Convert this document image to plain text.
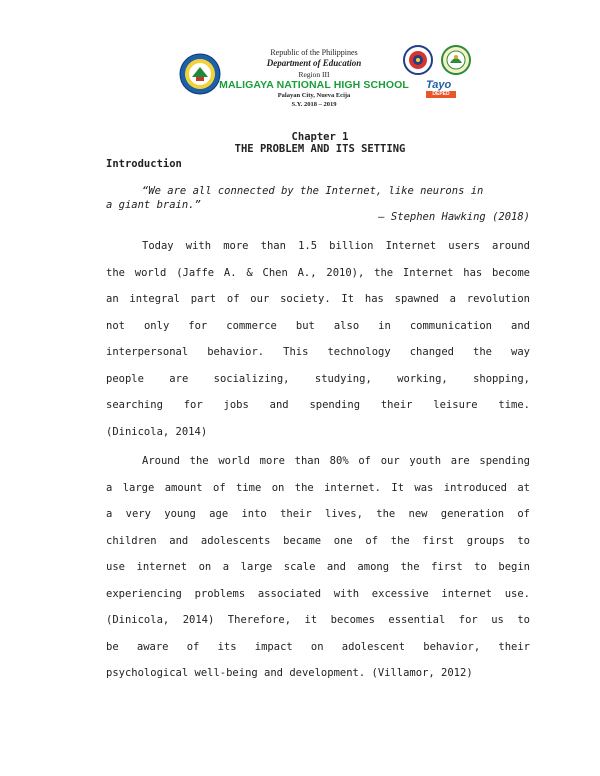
Tayo
DEPED
Republic of the Philippines
Department of Education
Region III
MALIGAYA NATIONAL HIGH SCHOOL
Palayan City, Nueva Ecija
S.Y. 2018 – 2019
Chapter 1
THE PROBLEM AND ITS SETTING
Introduction
“We are all connected by the Internet, like neurons in
a giant brain.”
– Stephen Hawking (2018)
Today with more than 1.5 billion Internet users around
the world (Jaffe A. & Chen A., 2010), the Internet has become
an integral part of our society. It has spawned a revolution
not only for commerce but also in communication and
interpersonal behavior. This technology changed the way
people are socializing, studying, working, shopping,
searching for jobs and spending their leisure time.
(Dinicola, 2014)
Around the world more than 80% of our youth are spending
a large amount of time on the internet. It was introduced at
a very young age into their lives, the new generation of
children and adolescents became one of the first groups to
use internet on a large scale and among the first to begin
experiencing problems associated with excessive internet use.
(Dinicola, 2014) Therefore, it becomes essential for us to
be aware of its impact on adolescent behavior, their
psychological well-being and development. (Villamor, 2012)
